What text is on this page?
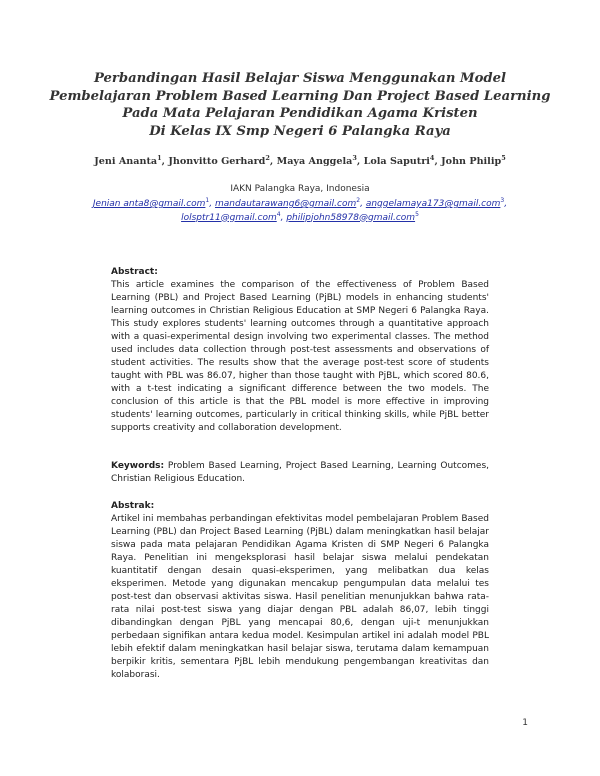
Perbandingan Hasil Belajar Siswa Menggunakan Model
Pembelajaran Problem Based Learning Dan Project Based Learning
Pada Mata Pelajaran Pendidikan Agama Kristen
Di Kelas IX Smp Negeri 6 Palangka Raya
Jeni Ananta$^1$, Jhonvitto Gerhard$^2$, Maya Anggela$^3$, Lola Saputri$^4$, John Philip$^5$
IAKN Palangka Raya, Indonesia
Jenian anta8@gmail.com$^1$, mandautarawang6@gmail.com$^2$, anggelamaya173@gmail.com$^3$,
lolsptr11@gmail.com$^4$, philipjohn58978@gmail.com$^5$
Abstract:

This article examines the comparison of the effectiveness of Problem Based Learning (PBL) and Project Based Learning (PjBL) models in enhancing students' learning outcomes in Christian Religious Education at SMP Negeri 6 Palangka Raya. This study explores students' learning outcomes through a quantitative approach with a quasi-experimental design involving two experimental classes. The method used includes data collection through post-test assessments and observations of student activities. The results show that the average post-test score of students taught with PBL was 86.07, higher than those taught with PjBL, which scored 80.6, with a t-test indicating a significant difference between the two models. The conclusion of this article is that the PBL model is more effective in improving students' learning outcomes, particularly in critical thinking skills, while PjBL better supports creativity and collaboration development.

Keywords: Problem Based Learning, Project Based Learning, Learning Outcomes, Christian Religious Education.

Abstrak:

Artikel ini membahas perbandingan efektivitas model pembelajaran Problem Based Learning (PBL) dan Project Based Learning (PjBL) dalam meningkatkan hasil belajar siswa pada mata pelajaran Pendidikan Agama Kristen di SMP Negeri 6 Palangka Raya. Penelitian ini mengeksplorasi hasil belajar siswa melalui pendekatan kuantitatif dengan desain quasi-eksperimen, yang melibatkan dua kelas eksperimen. Metode yang digunakan mencakup pengumpulan data melalui tes post-test dan observasi aktivitas siswa. Hasil penelitian menunjukkan bahwa rata-rata nilai post-test siswa yang diajar dengan PBL adalah 86,07, lebih tinggi dibandingkan dengan PjBL yang mencapai 80,6, dengan uji-t menunjukkan perbedaan signifikan antara kedua model. Kesimpulan artikel ini adalah model PBL lebih efektif dalam meningkatkan hasil belajar siswa, terutama dalam kemampuan berpikir kritis, sementara PjBL lebih mendukung pengembangan kreativitas dan kolaborasi.

1
